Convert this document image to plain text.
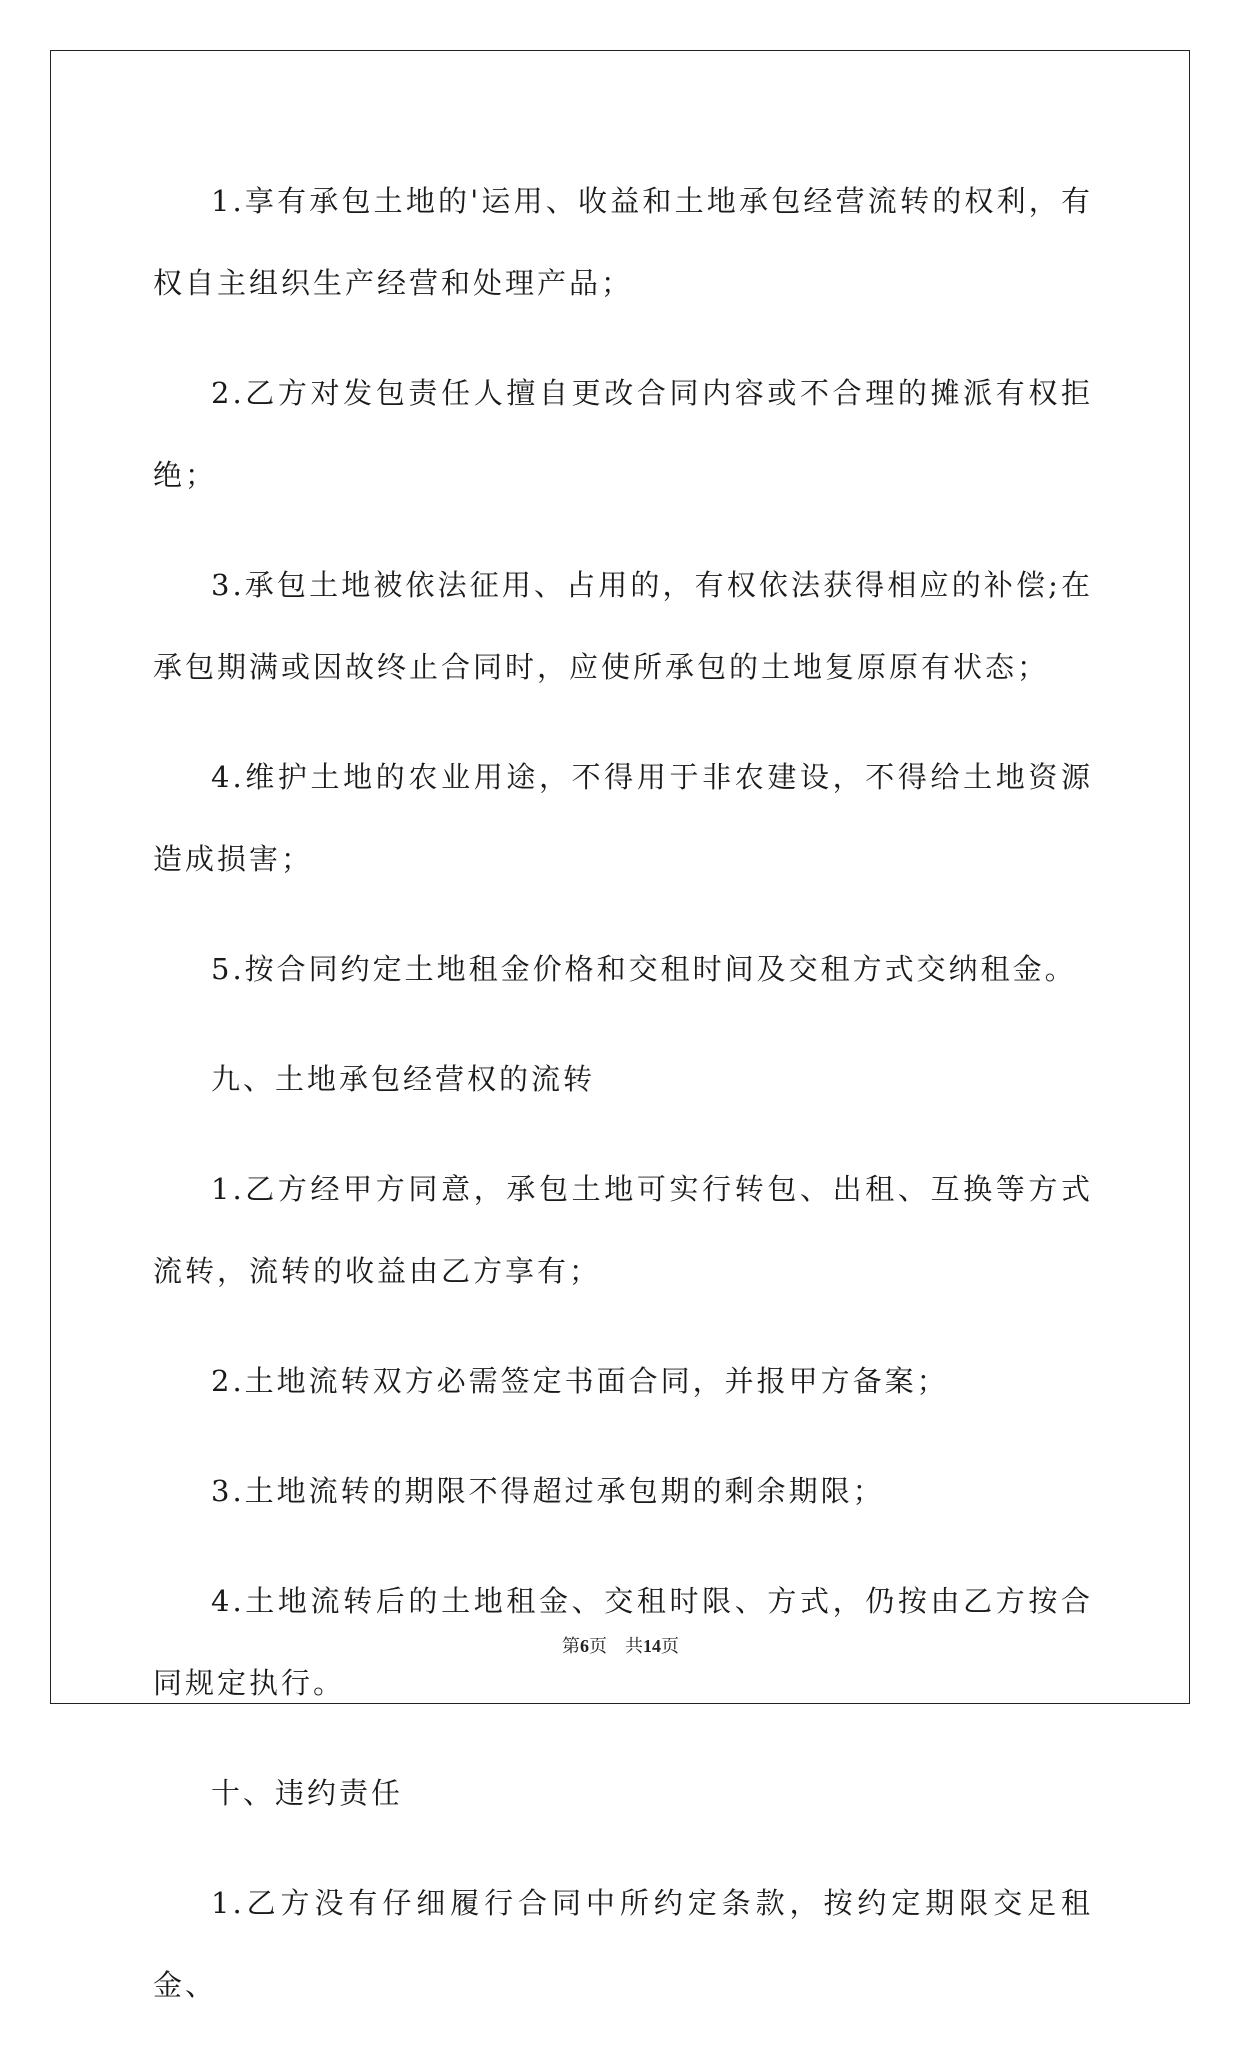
1.享有承包土地的'运用、收益和土地承包经营流转的权利，有权自主组织生产经营和处理产品；

2.乙方对发包责任人擅自更改合同内容或不合理的摊派有权拒绝；

3.承包土地被依法征用、占用的，有权依法获得相应的补偿;在承包期满或因故终止合同时，应使所承包的土地复原原有状态；

4.维护土地的农业用途，不得用于非农建设，不得给土地资源造成损害；

5.按合同约定土地租金价格和交租时间及交租方式交纳租金。

九、土地承包经营权的流转

1.乙方经甲方同意，承包土地可实行转包、出租、互换等方式流转，流转的收益由乙方享有；

2.土地流转双方必需签定书面合同，并报甲方备案；

3.土地流转的期限不得超过承包期的剩余期限；

4.土地流转后的土地租金、交租时限、方式，仍按由乙方按合同规定执行。

十、违约责任

1.乙方没有仔细履行合同中所约定条款，按约定期限交足租金、

第6页 共14页
